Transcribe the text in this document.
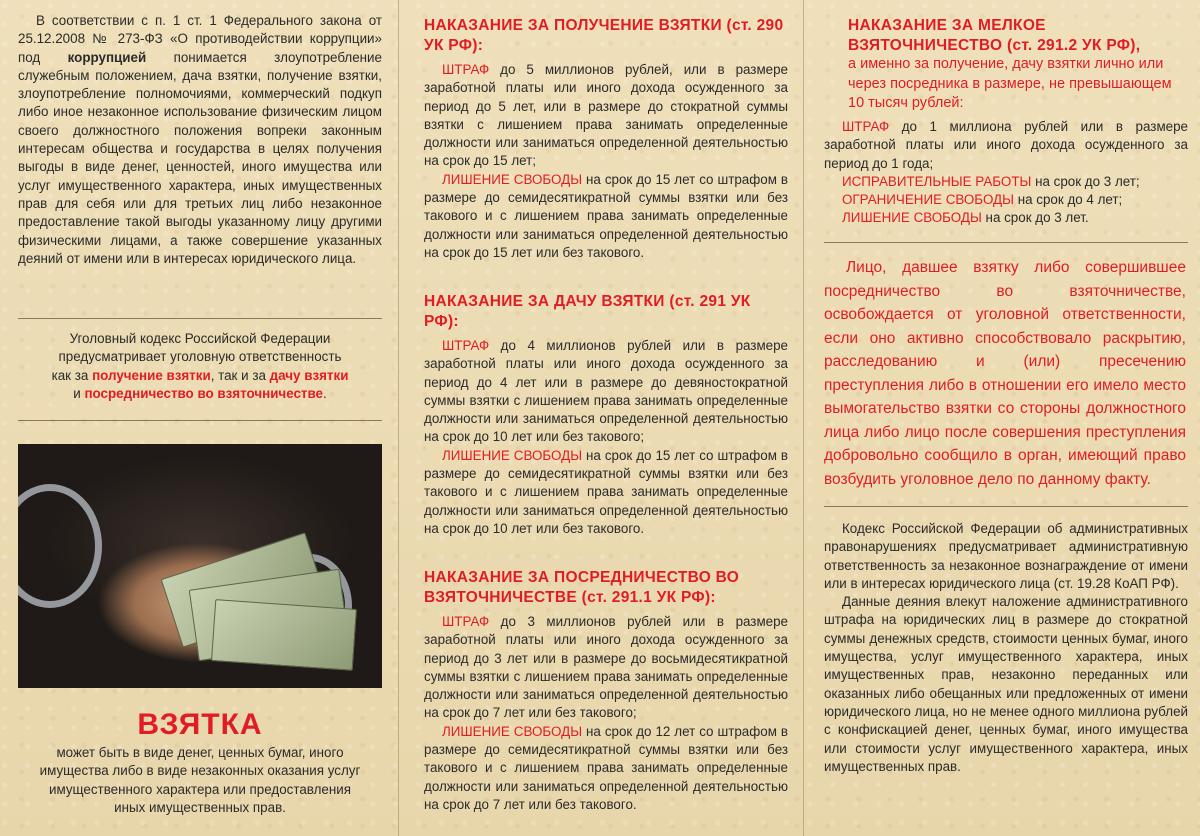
В соответствии с п. 1 ст. 1 Федерального закона от 25.12.2008 № 273-ФЗ «О противодействии коррупции» под коррупцией понимается злоупотребление служебным положением, дача взятки, получение взятки, злоупотребление полномочиями, коммерческий подкуп либо иное незаконное использование физическим лицом своего должностного положения вопреки законным интересам общества и государства в целях получения выгоды в виде денег, ценностей, иного имущества или услуг имущественного характера, иных имущественных прав для себя или для третьих лиц либо незаконное предоставление такой выгоды указанному лицу другими физическими лицами, а также совершение указанных деяний от имени или в интересах юридического лица.

Уголовный кодекс Российской Федерации предусматривает уголовную ответственность
как за получение взятки, так и за дачу взятки
и посредничество во взяточничестве.
ВЗЯТКА
может быть в виде денег, ценных бумаг, иного имущества либо в виде незаконных оказания услуг имущественного характера или предоставления иных имущественных прав.

НАКАЗАНИЕ ЗА ПОЛУЧЕНИЕ ВЗЯТКИ (ст. 290 УК РФ):

ШТРАФ до 5 миллионов рублей, или в размере заработной платы или иного дохода осужденного за период до 5 лет, или в размере до стократной суммы взятки с лишением права занимать определенные должности или заниматься определенной деятельностью на срок до 15 лет;

ЛИШЕНИЕ СВОБОДЫ на срок до 15 лет со штрафом в размере до семидесятикратной суммы взятки или без такового и с лишением права занимать определенные должности или заниматься определенной деятельностью на срок до 15 лет или без такового.

НАКАЗАНИЕ ЗА ДАЧУ ВЗЯТКИ (ст. 291 УК РФ):

ШТРАФ до 4 миллионов рублей или в размере заработной платы или иного дохода осужденного за период до 4 лет или в размере до девяностократной суммы взятки с лишением права занимать определенные должности или заниматься определенной деятельностью на срок до 10 лет или без такового;

ЛИШЕНИЕ СВОБОДЫ на срок до 15 лет со штрафом в размере до семидесятикратной суммы взятки или без такового и с лишением права занимать определенные должности или заниматься определенной деятельностью на срок до 10 лет или без такового.

НАКАЗАНИЕ ЗА ПОСРЕДНИЧЕСТВО ВО ВЗЯТОЧНИЧЕСТВЕ (ст. 291.1 УК РФ):

ШТРАФ до 3 миллионов рублей или в размере заработной платы или иного дохода осужденного за период до 3 лет или в размере до восьмидесятикратной суммы взятки с лишением права занимать определенные должности или заниматься определенной деятельностью на срок до 7 лет или без такового;

ЛИШЕНИЕ СВОБОДЫ на срок до 12 лет со штрафом в размере до семидесятикратной суммы взятки или без такового и с лишением права занимать определенные должности или заниматься определенной деятельностью на срок до 7 лет или без такового.

НАКАЗАНИЕ ЗА МЕЛКОЕ ВЗЯТОЧНИЧЕСТВО (ст. 291.2 УК РФ),

а именно за получение, дачу взятки лично или через посредника в размере, не превышающем 10 тысяч рублей:

ШТРАФ до 1 миллиона рублей или в размере заработной платы или иного дохода осужденного за период до 1 года;

ИСПРАВИТЕЛЬНЫЕ РАБОТЫ на срок до 3 лет;

ОГРАНИЧЕНИЕ СВОБОДЫ на срок до 4 лет;

ЛИШЕНИЕ СВОБОДЫ на срок до 3 лет.

Лицо, давшее взятку либо совершившее посредничество во взяточничестве, освобождается от уголовной ответственности, если оно активно способствовало раскрытию, расследованию и (или) пресечению преступления либо в отношении его имело место вымогательство взятки со стороны должностного лица либо лицо после совершения преступления добровольно сообщило в орган, имеющий право возбудить уголовное дело по данному факту.

Кодекс Российской Федерации об административных правонарушениях предусматривает административную ответственность за незаконное вознаграждение от имени или в интересах юридического лица (ст. 19.28 КоАП РФ).

Данные деяния влекут наложение административного штрафа на юридических лиц в размере до стократной суммы денежных средств, стоимости ценных бумаг, иного имущества, услуг имущественного характера, иных имущественных прав, незаконно переданных или оказанных либо обещанных или предложенных от имени юридического лица, но не менее одного миллиона рублей с конфискацией денег, ценных бумаг, иного имущества или стоимости услуг имущественного характера, иных имущественных прав.
